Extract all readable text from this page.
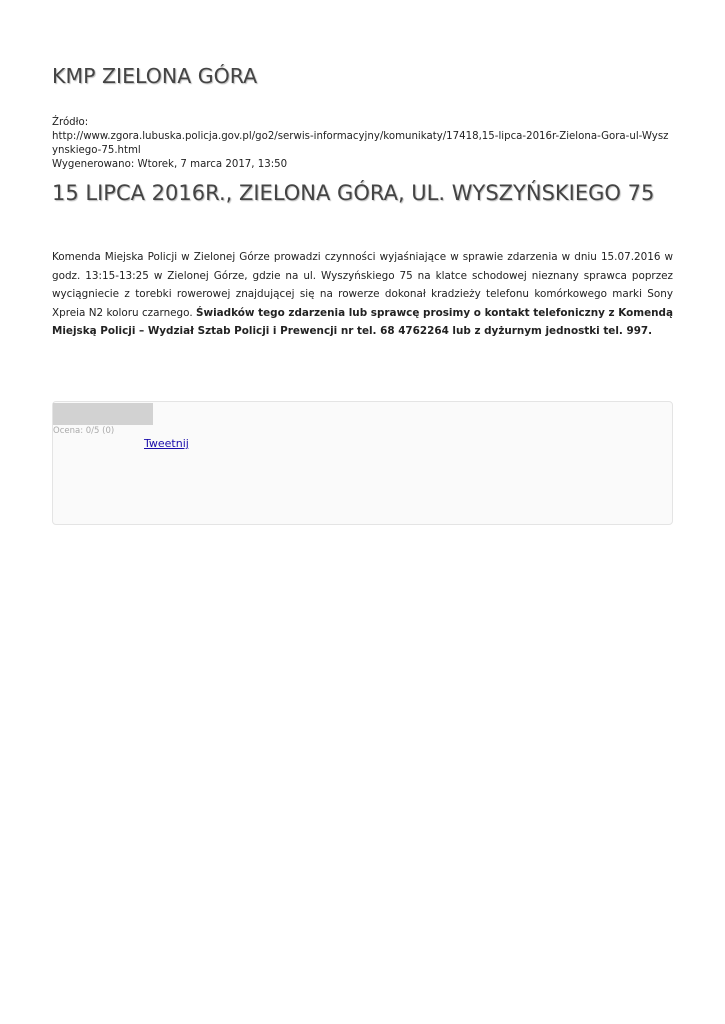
KMP ZIELONA GÓRA
Źródło:
http://www.zgora.lubuska.policja.gov.pl/go2/serwis-informacyjny/komunikaty/17418,15-lipca-2016r-Zielona-Gora-ul-Wyszynskiego-75.html
Wygenerowano: Wtorek, 7 marca 2017, 13:50
15 LIPCA 2016R., ZIELONA GÓRA, UL. WYSZYŃSKIEGO 75

Komenda Miejska Policji w Zielonej Górze prowadzi czynności wyjaśniające w sprawie zdarzenia w dniu 15.07.2016 w godz. 13:15-13:25 w Zielonej Górze, gdzie na ul. Wyszyńskiego 75 na klatce schodowej nieznany sprawca poprzez wyciągniecie z torebki rowerowej znajdującej się na rowerze dokonał kradzieży telefonu komórkowego marki Sony Xpreia N2 koloru czarnego. Świadków tego zdarzenia lub sprawcę prosimy o kontakt telefoniczny z Komendą Miejską Policji – Wydział Sztab Policji i Prewencji nr tel. 68 4762264 lub z dyżurnym jednostki tel. 997.

Ocena: 0/5 (0)
Tweetnij
